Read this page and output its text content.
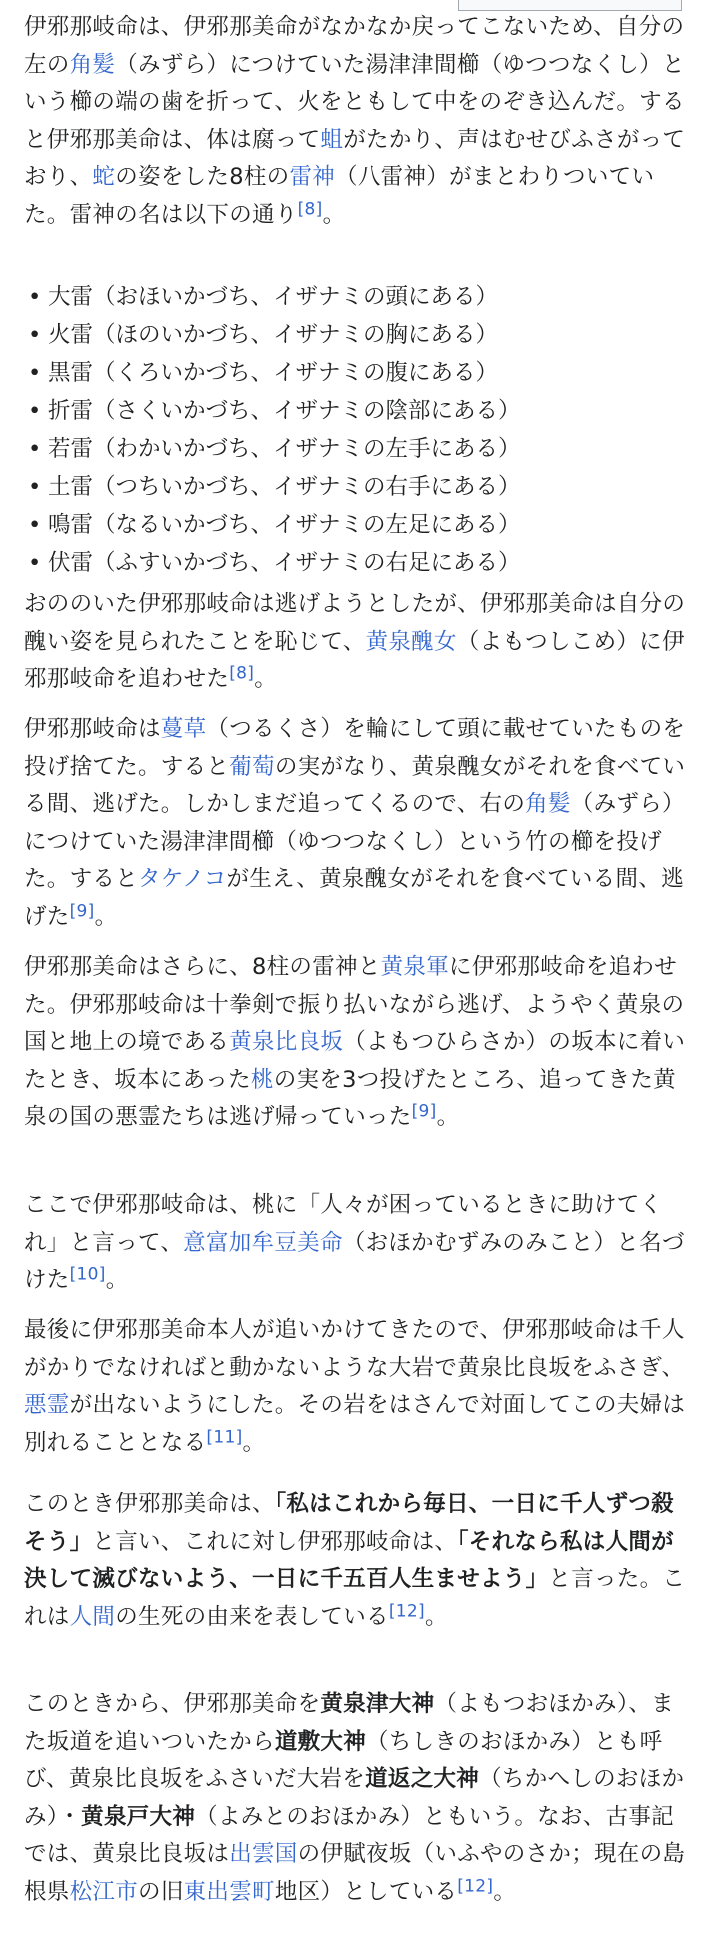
伊邪那岐命は、伊邪那美命がなかなか戻ってこないため、自分の左の角髪（みずら）につけていた湯津津間櫛（ゆつつなくし）という櫛の端の歯を折って、火をともして中をのぞき込んだ。すると伊邪那美命は、体は腐って蛆がたかり、声はむせびふさがっており、蛇の姿をした8柱の雷神（八雷神）がまとわりついていた。雷神の名は以下の通り[8]。

• 大雷（おほいかづち、イザナミの頭にある）
• 火雷（ほのいかづち、イザナミの胸にある）
• 黒雷（くろいかづち、イザナミの腹にある）
• 折雷（さくいかづち、イザナミの陰部にある）
• 若雷（わかいかづち、イザナミの左手にある）
• 土雷（つちいかづち、イザナミの右手にある）
• 鳴雷（なるいかづち、イザナミの左足にある）
• 伏雷（ふすいかづち、イザナミの右足にある）

おののいた伊邪那岐命は逃げようとしたが、伊邪那美命は自分の醜い姿を見られたことを恥じて、黄泉醜女（よもつしこめ）に伊邪那岐命を追わせた[8]。

伊邪那岐命は蔓草（つるくさ）を輪にして頭に載せていたものを投げ捨てた。すると葡萄の実がなり、黄泉醜女がそれを食べている間、逃げた。しかしまだ追ってくるので、右の角髪（みずら）につけていた湯津津間櫛（ゆつつなくし）という竹の櫛を投げた。するとタケノコが生え、黄泉醜女がそれを食べている間、逃げた[9]。

伊邪那美命はさらに、8柱の雷神と黄泉軍に伊邪那岐命を追わせた。伊邪那岐命は十拳剣で振り払いながら逃げ、ようやく黄泉の国と地上の境である黄泉比良坂（よもつひらさか）の坂本に着いたとき、坂本にあった桃の実を3つ投げたところ、追ってきた黄泉の国の悪霊たちは逃げ帰っていった[9]。

ここで伊邪那岐命は、桃に「人々が困っているときに助けてくれ」と言って、意富加牟豆美命（おほかむずみのみこと）と名づけた[10]。

最後に伊邪那美命本人が追いかけてきたので、伊邪那岐命は千人がかりでなければと動かないような大岩で黄泉比良坂をふさぎ、悪霊が出ないようにした。その岩をはさんで対面してこの夫婦は別れることとなる[11]。

このとき伊邪那美命は、「私はこれから毎日、一日に千人ずつ殺そう」と言い、これに対し伊邪那岐命は、「それなら私は人間が決して滅びないよう、一日に千五百人生ませよう」と言った。これは人間の生死の由来を表している[12]。

このときから、伊邪那美命を黄泉津大神（よもつおほかみ）、また坂道を追いついたから道敷大神（ちしきのおほかみ）とも呼び、黄泉比良坂をふさいだ大岩を道返之大神（ちかへしのおほかみ）・黄泉戸大神（よみとのおほかみ）ともいう。なお、古事記では、黄泉比良坂は出雲国の伊賦夜坂（いふやのさか；現在の島根県松江市の旧東出雲町地区）としている[12]。
